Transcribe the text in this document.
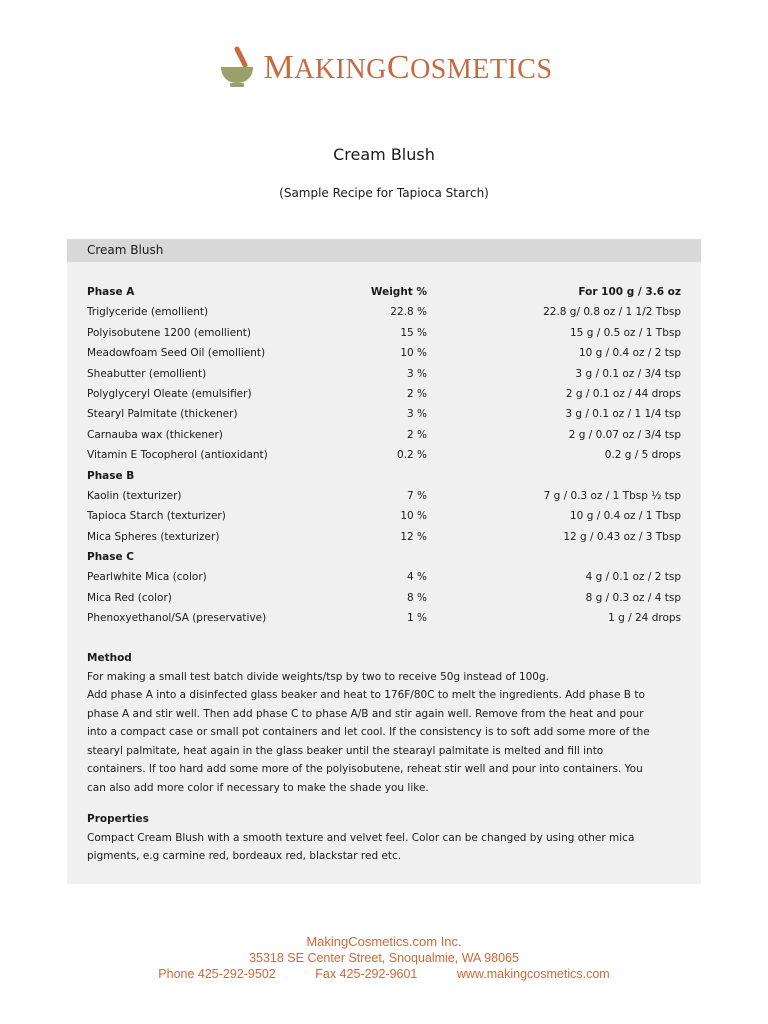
MAKINGCOSMETICS
Cream Blush
(Sample Recipe for Tapioca Starch)
Cream Blush
Phase A	Weight %	For 100 g / 3.6 oz
Triglyceride (emollient)	22.8 %	22.8 g/ 0.8 oz / 1 1/2 Tbsp
Polyisobutene 1200 (emollient)	15 %	15 g / 0.5 oz / 1 Tbsp
Meadowfoam Seed Oil (emollient)	10 %	10 g / 0.4 oz / 2 tsp
Sheabutter (emollient)	3 %	3 g / 0.1 oz / 3/4 tsp
Polyglyceryl Oleate (emulsifier)	2 %	2 g / 0.1 oz / 44 drops
Stearyl Palmitate (thickener)	3 %	3 g / 0.1 oz / 1 1/4 tsp
Carnauba wax (thickener)	2 %	2 g / 0.07 oz / 3/4 tsp
Vitamin E Tocopherol (antioxidant)	0.2 %	0.2 g / 5 drops
Phase B
Kaolin (texturizer)	7 %	7 g / 0.3 oz / 1 Tbsp ½ tsp
Tapioca Starch (texturizer)	10 %	10 g / 0.4 oz / 1 Tbsp
Mica Spheres (texturizer)	12 %	12 g / 0.43 oz / 3 Tbsp
Phase C
Pearlwhite Mica (color)	4 %	4 g / 0.1 oz / 2 tsp
Mica Red (color)	8 %	8 g / 0.3 oz / 4 tsp
Phenoxyethanol/SA (preservative)	1 %	1 g / 24 drops
Method
For making a small test batch divide weights/tsp by two to receive 50g instead of 100g.
Add phase A into a disinfected glass beaker and heat to 176F/80C to melt the ingredients. Add phase B to
phase A and stir well. Then add phase C to phase A/B and stir again well. Remove from the heat and pour
into a compact case or small pot containers and let cool. If the consistency is to soft add some more of the
stearyl palmitate, heat again in the glass beaker until the stearayl palmitate is melted and fill into
containers. If too hard add some more of the polyisobutene, reheat stir well and pour into containers. You
can also add more color if necessary to make the shade you like.
Properties
Compact Cream Blush with a smooth texture and velvet feel. Color can be changed by using other mica
pigments, e.g carmine red, bordeaux red, blackstar red etc.
MakingCosmetics.com Inc.
35318 SE Center Street, Snoqualmie, WA 98065
Phone 425-292-9502	Fax 425-292-9601	www.makingcosmetics.com
